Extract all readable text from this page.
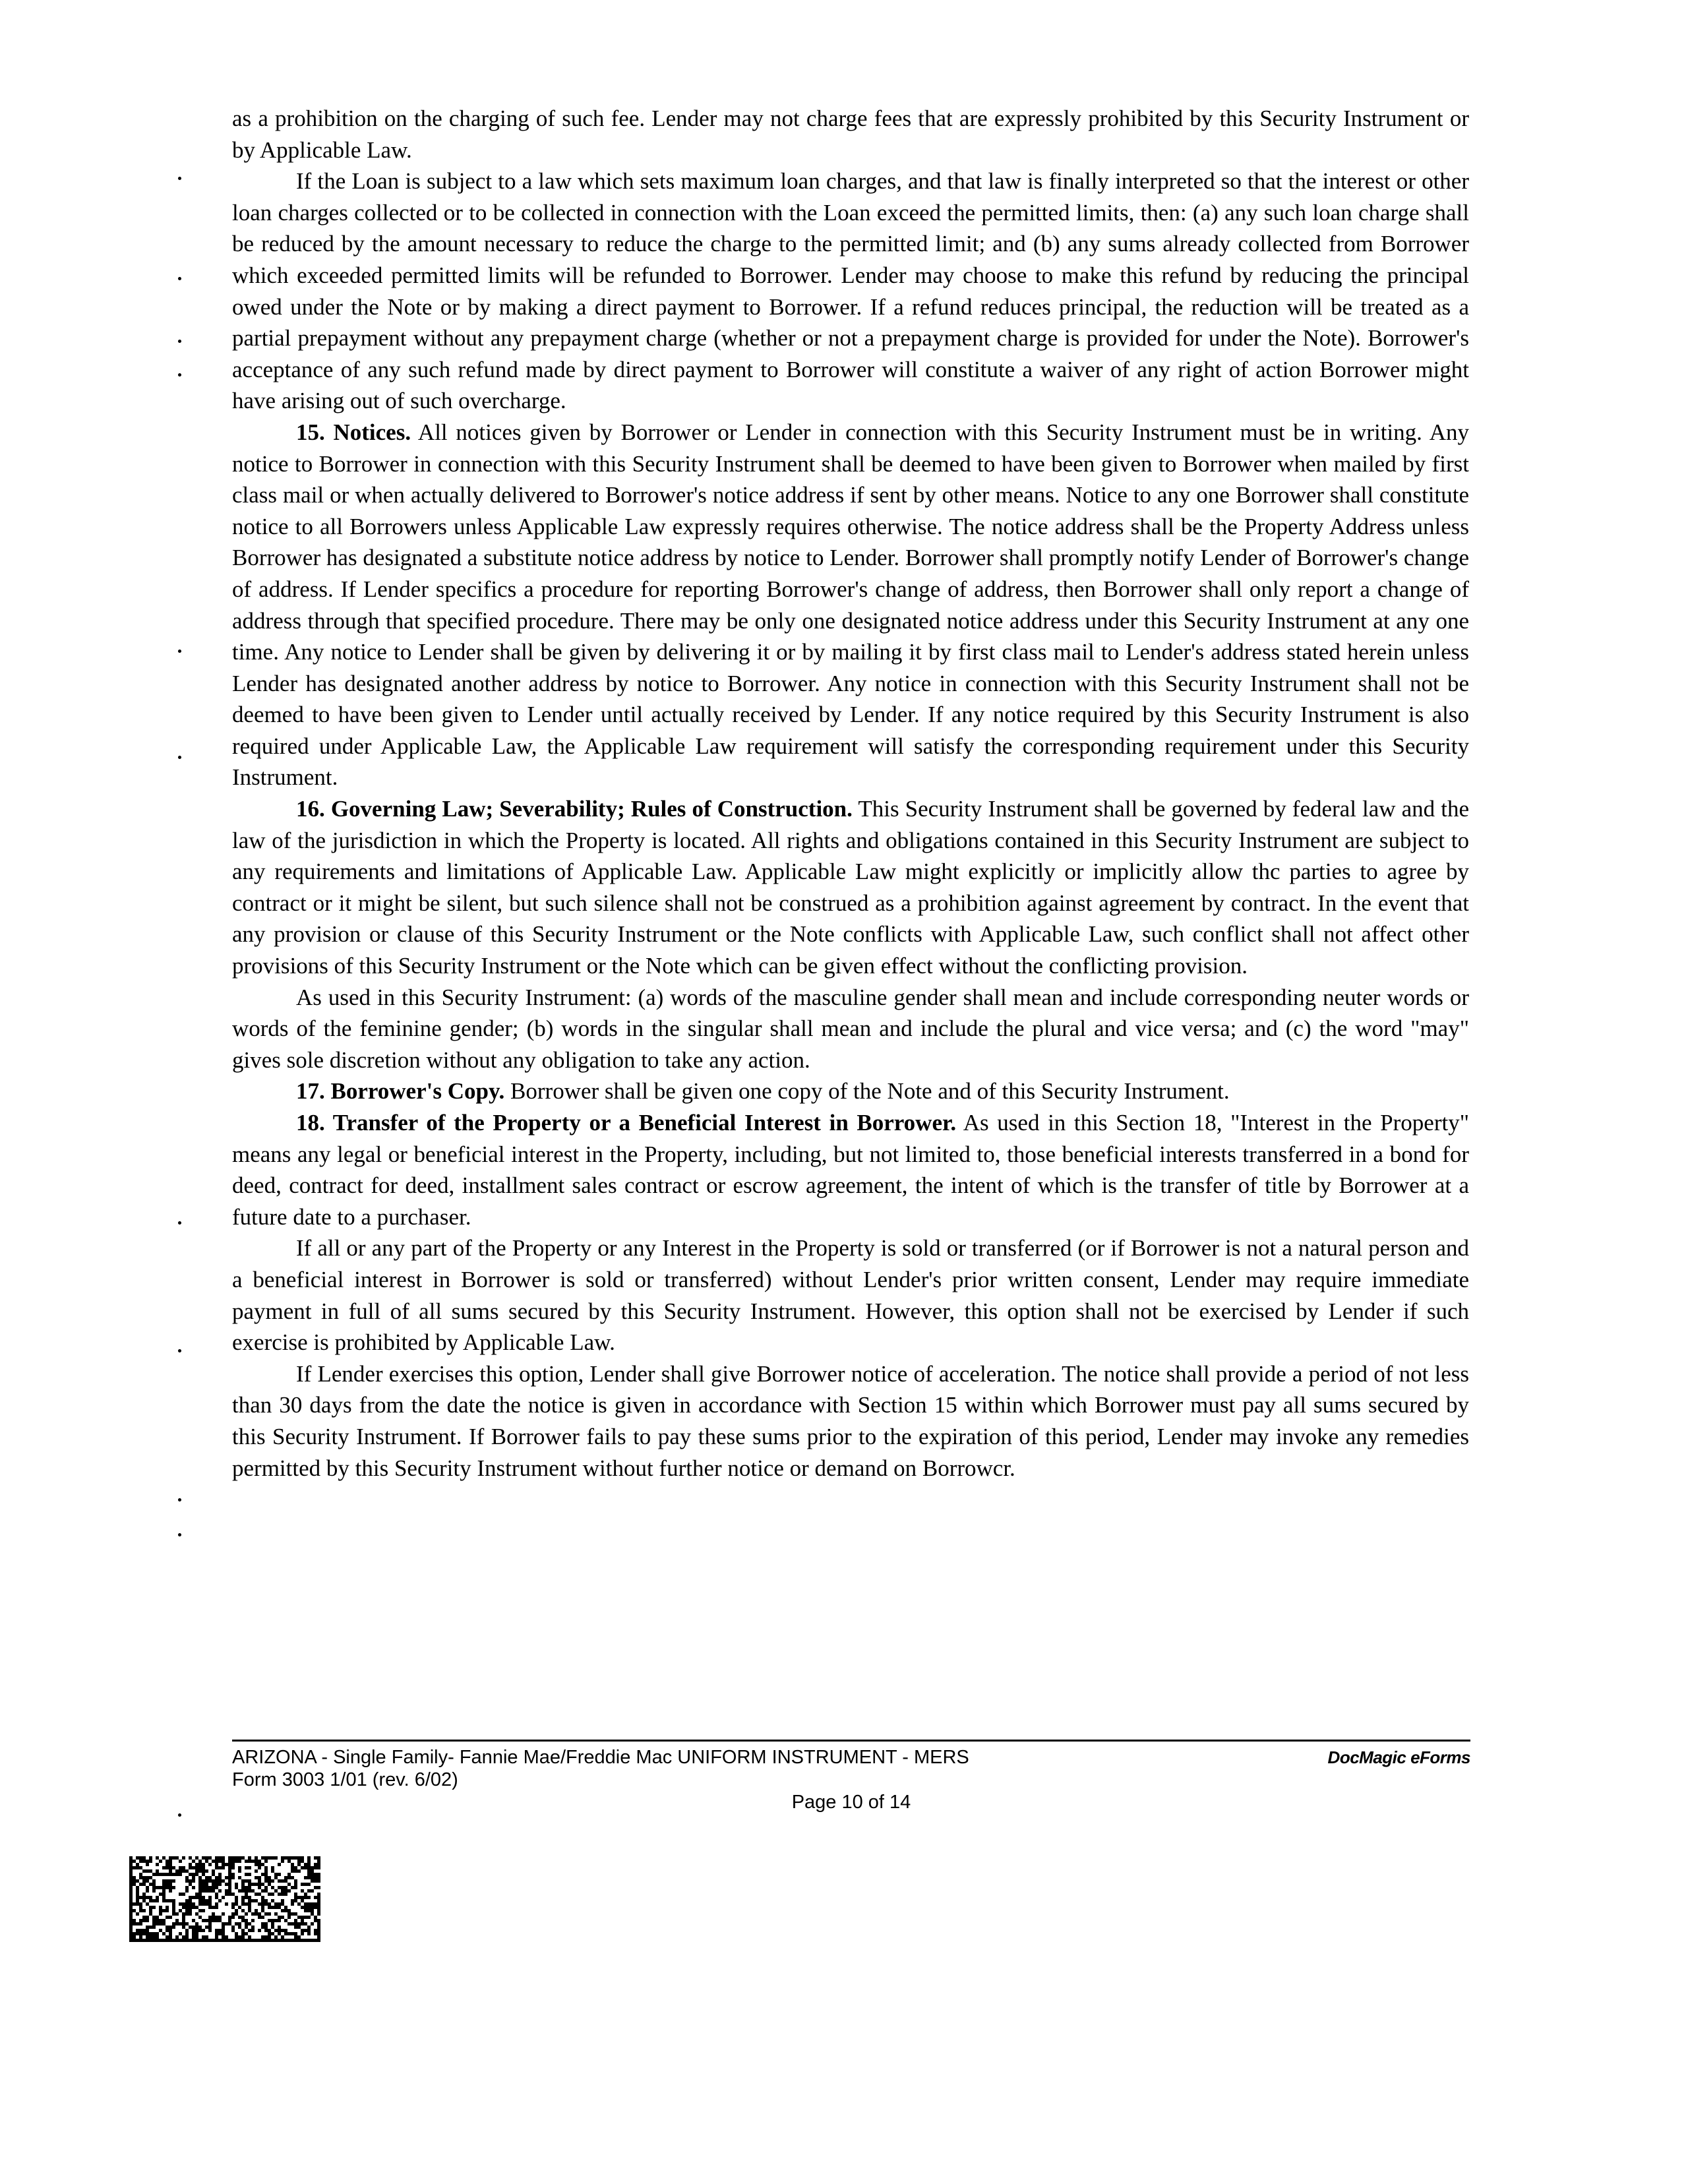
as a prohibition on the charging of such fee. Lender may not charge fees that are expressly prohibited by this Security Instrument or by Applicable Law.

If the Loan is subject to a law which sets maximum loan charges, and that law is finally interpreted so that the interest or other loan charges collected or to be collected in connection with the Loan exceed the permitted limits, then: (a) any such loan charge shall be reduced by the amount necessary to reduce the charge to the permitted limit; and (b) any sums already collected from Borrower which exceeded permitted limits will be refunded to Borrower. Lender may choose to make this refund by reducing the principal owed under the Note or by making a direct payment to Borrower. If a refund reduces principal, the reduction will be treated as a partial prepayment without any prepayment charge (whether or not a prepayment charge is provided for under the Note). Borrower's acceptance of any such refund made by direct payment to Borrower will constitute a waiver of any right of action Borrower might have arising out of such overcharge.

15. Notices. All notices given by Borrower or Lender in connection with this Security Instrument must be in writing. Any notice to Borrower in connection with this Security Instrument shall be deemed to have been given to Borrower when mailed by first class mail or when actually delivered to Borrower's notice address if sent by other means. Notice to any one Borrower shall constitute notice to all Borrowers unless Applicable Law expressly requires otherwise. The notice address shall be the Property Address unless Borrower has designated a substitute notice address by notice to Lender. Borrower shall promptly notify Lender of Borrower's change of address. If Lender specifics a procedure for reporting Borrower's change of address, then Borrower shall only report a change of address through that specified procedure. There may be only one designated notice address under this Security Instrument at any one time. Any notice to Lender shall be given by delivering it or by mailing it by first class mail to Lender's address stated herein unless Lender has designated another address by notice to Borrower. Any notice in connection with this Security Instrument shall not be deemed to have been given to Lender until actually received by Lender. If any notice required by this Security Instrument is also required under Applicable Law, the Applicable Law requirement will satisfy the corresponding requirement under this Security Instrument.

16. Governing Law; Severability; Rules of Construction. This Security Instrument shall be governed by federal law and the law of the jurisdiction in which the Property is located. All rights and obligations contained in this Security Instrument are subject to any requirements and limitations of Applicable Law. Applicable Law might explicitly or implicitly allow thc parties to agree by contract or it might be silent, but such silence shall not be construed as a prohibition against agreement by contract. In the event that any provision or clause of this Security Instrument or the Note conflicts with Applicable Law, such conflict shall not affect other provisions of this Security Instrument or the Note which can be given effect without the conflicting provision.

As used in this Security Instrument: (a) words of the masculine gender shall mean and include corresponding neuter words or words of the feminine gender; (b) words in the singular shall mean and include the plural and vice versa; and (c) the word "may" gives sole discretion without any obligation to take any action.

17. Borrower's Copy. Borrower shall be given one copy of the Note and of this Security Instrument.

18. Transfer of the Property or a Beneficial Interest in Borrower. As used in this Section 18, "Interest in the Property" means any legal or beneficial interest in the Property, including, but not limited to, those beneficial interests transferred in a bond for deed, contract for deed, installment sales contract or escrow agreement, the intent of which is the transfer of title by Borrower at a future date to a purchaser.

If all or any part of the Property or any Interest in the Property is sold or transferred (or if Borrower is not a natural person and a beneficial interest in Borrower is sold or transferred) without Lender's prior written consent, Lender may require immediate payment in full of all sums secured by this Security Instrument. However, this option shall not be exercised by Lender if such exercise is prohibited by Applicable Law.

If Lender exercises this option, Lender shall give Borrower notice of acceleration. The notice shall provide a period of not less than 30 days from the date the notice is given in accordance with Section 15 within which Borrower must pay all sums secured by this Security Instrument. If Borrower fails to pay these sums prior to the expiration of this period, Lender may invoke any remedies permitted by this Security Instrument without further notice or demand on Borrowcr.

ARIZONA - Single Family- Fannie Mae/Freddie Mac UNIFORM INSTRUMENT - MERS
Form 3003 1/01 (rev. 6/02)
DocMagic eForms
Page 10 of 14
